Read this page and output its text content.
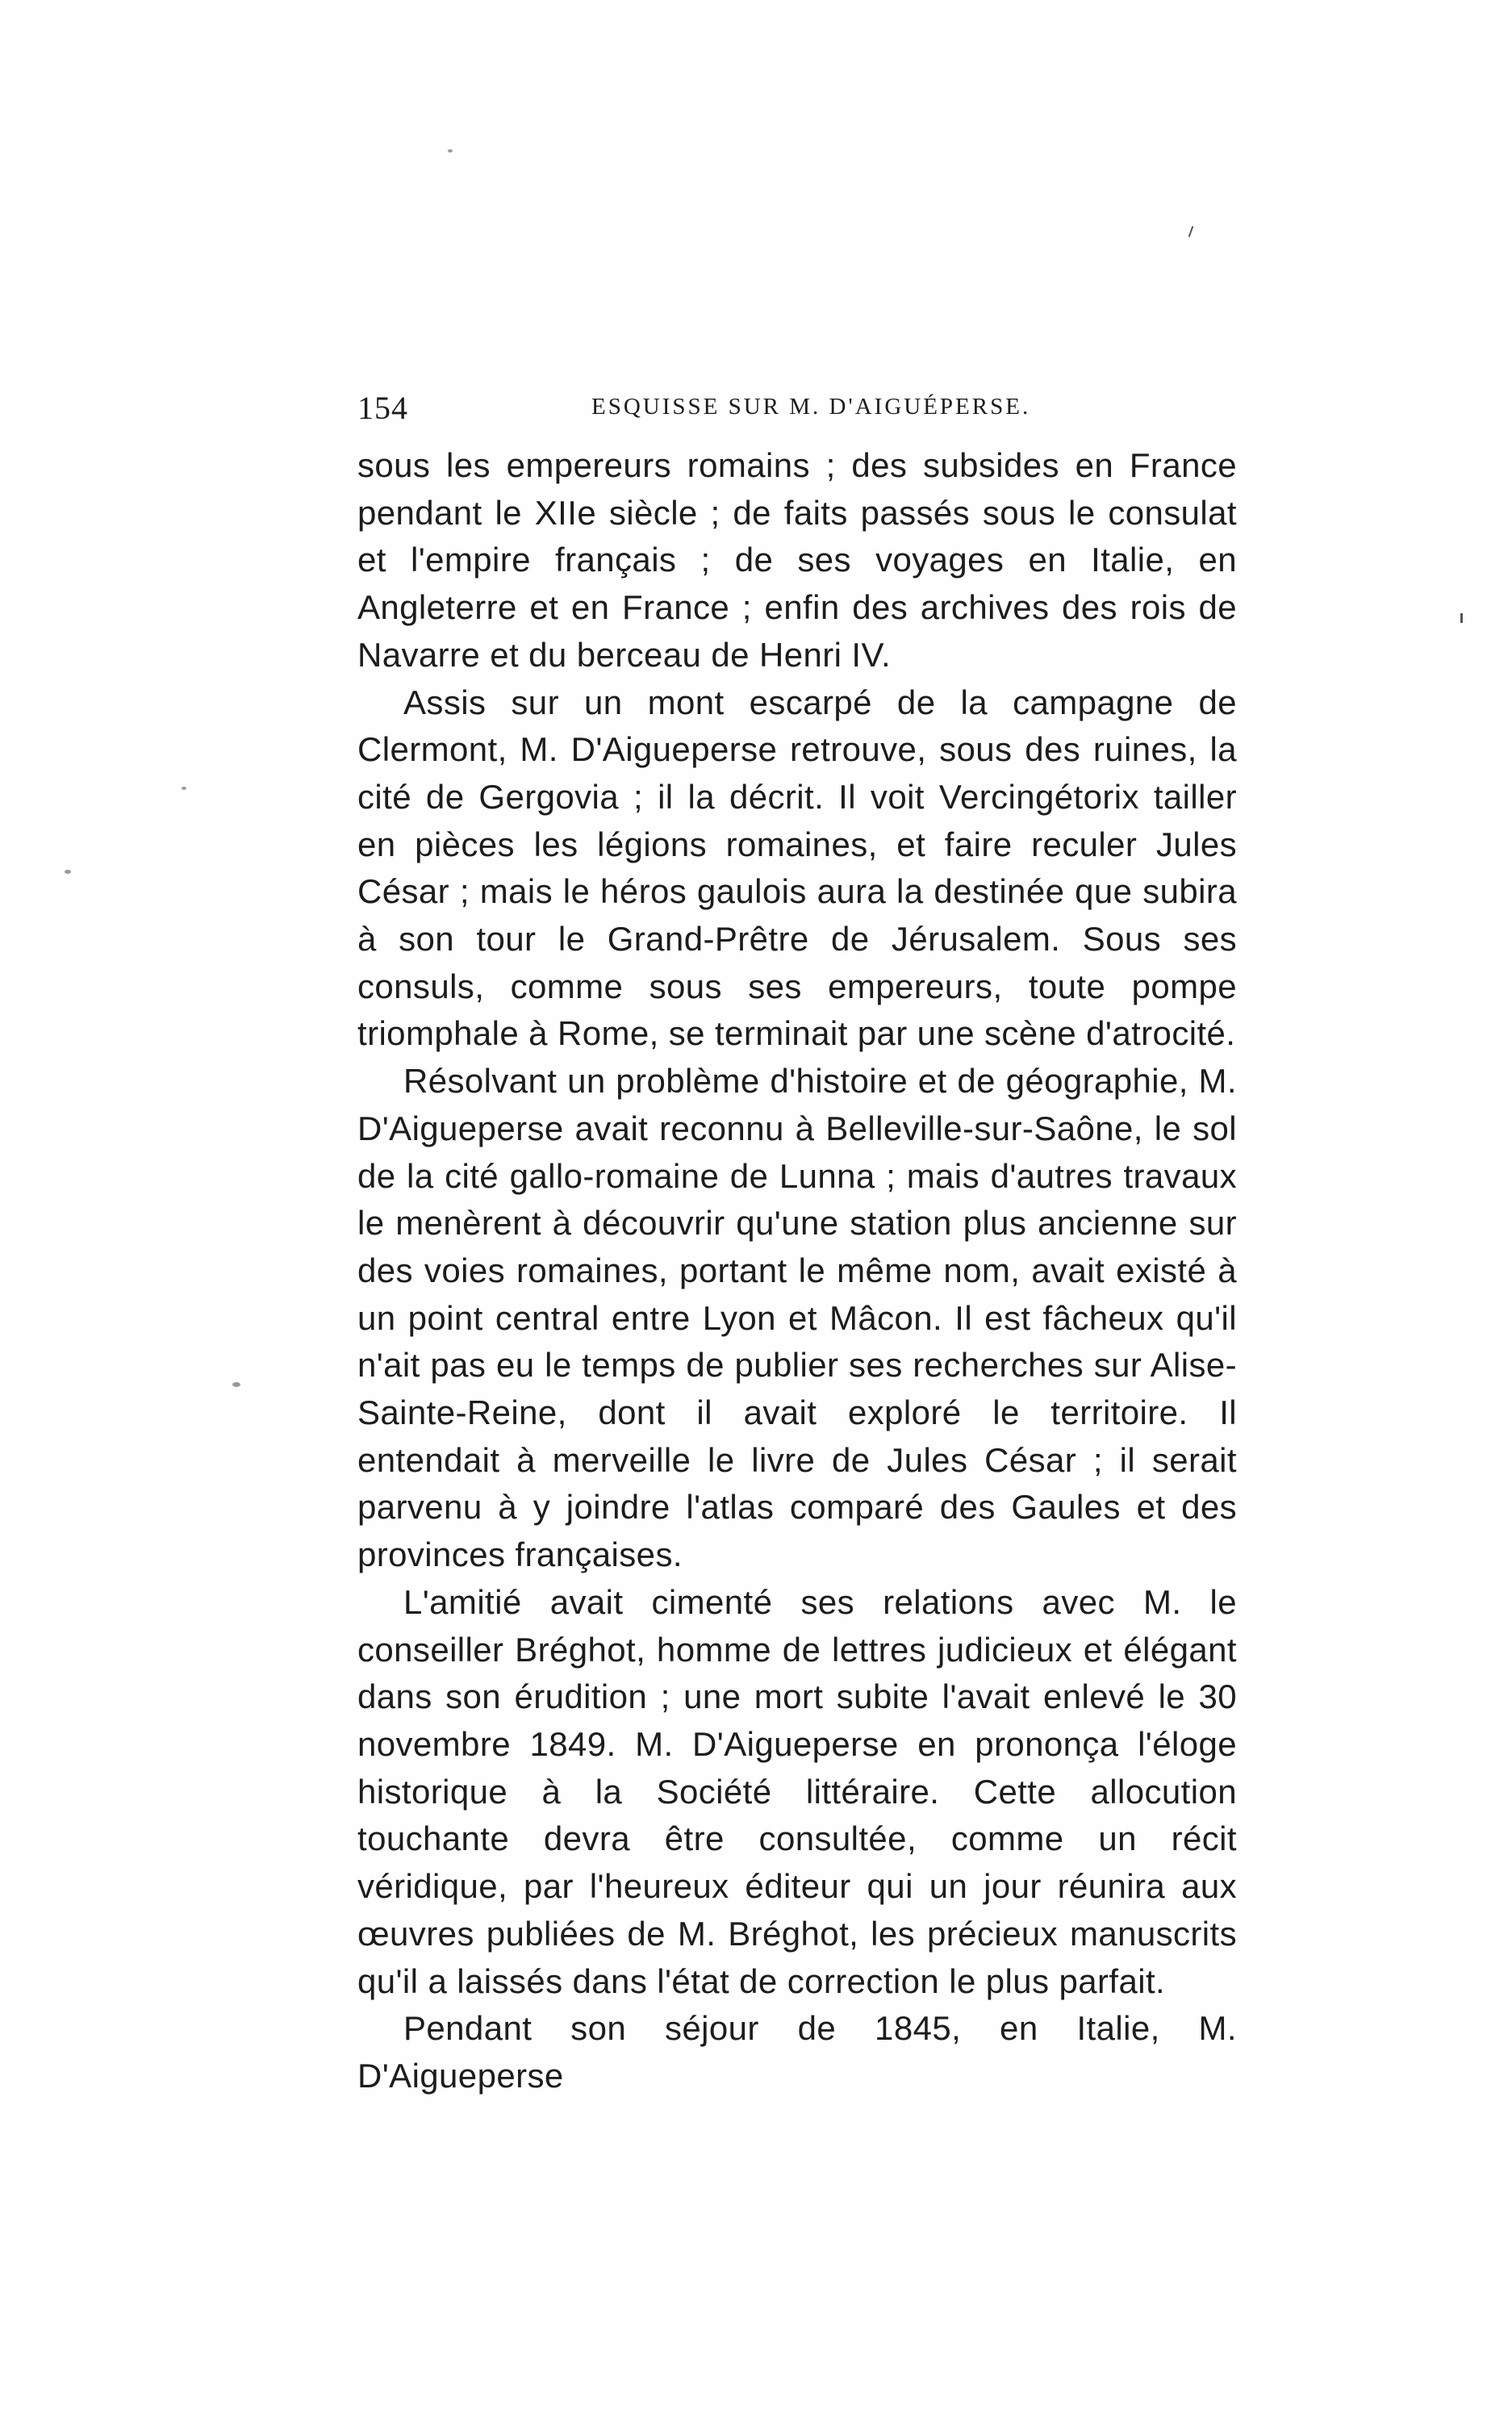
154	ESQUISSE SUR M. D'AIGUÉPERSE.

sous les empereurs romains ; des subsides en France pendant le XIIe siècle ; de faits passés sous le consulat et l'empire français ; de ses voyages en Italie, en Angleterre et en France ; enfin des archives des rois de Navarre et du berceau de Henri IV.

Assis sur un mont escarpé de la campagne de Clermont, M. D'Aigueperse retrouve, sous des ruines, la cité de Gergovia ; il la décrit. Il voit Vercingétorix tailler en pièces les légions romaines, et faire reculer Jules César ; mais le héros gaulois aura la destinée que subira à son tour le Grand-Prêtre de Jérusalem. Sous ses consuls, comme sous ses empereurs, toute pompe triomphale à Rome, se terminait par une scène d'atrocité.

Résolvant un problème d'histoire et de géographie, M. D'Aigueperse avait reconnu à Belleville-sur-Saône, le sol de la cité gallo-romaine de Lunna ; mais d'autres travaux le menèrent à découvrir qu'une station plus ancienne sur des voies romaines, portant le même nom, avait existé à un point central entre Lyon et Mâcon. Il est fâcheux qu'il n'ait pas eu le temps de publier ses recherches sur Alise-Sainte-Reine, dont il avait exploré le territoire. Il entendait à merveille le livre de Jules César ; il serait parvenu à y joindre l'atlas comparé des Gaules et des provinces françaises.

L'amitié avait cimenté ses relations avec M. le conseiller Bréghot, homme de lettres judicieux et élégant dans son érudition ; une mort subite l'avait enlevé le 30 novembre 1849. M. D'Aigueperse en prononça l'éloge historique à la Société littéraire. Cette allocution touchante devra être consultée, comme un récit véridique, par l'heureux éditeur qui un jour réunira aux œuvres publiées de M. Bréghot, les précieux manuscrits qu'il a laissés dans l'état de correction le plus parfait.

Pendant son séjour de 1845, en Italie, M. D'Aigueperse
